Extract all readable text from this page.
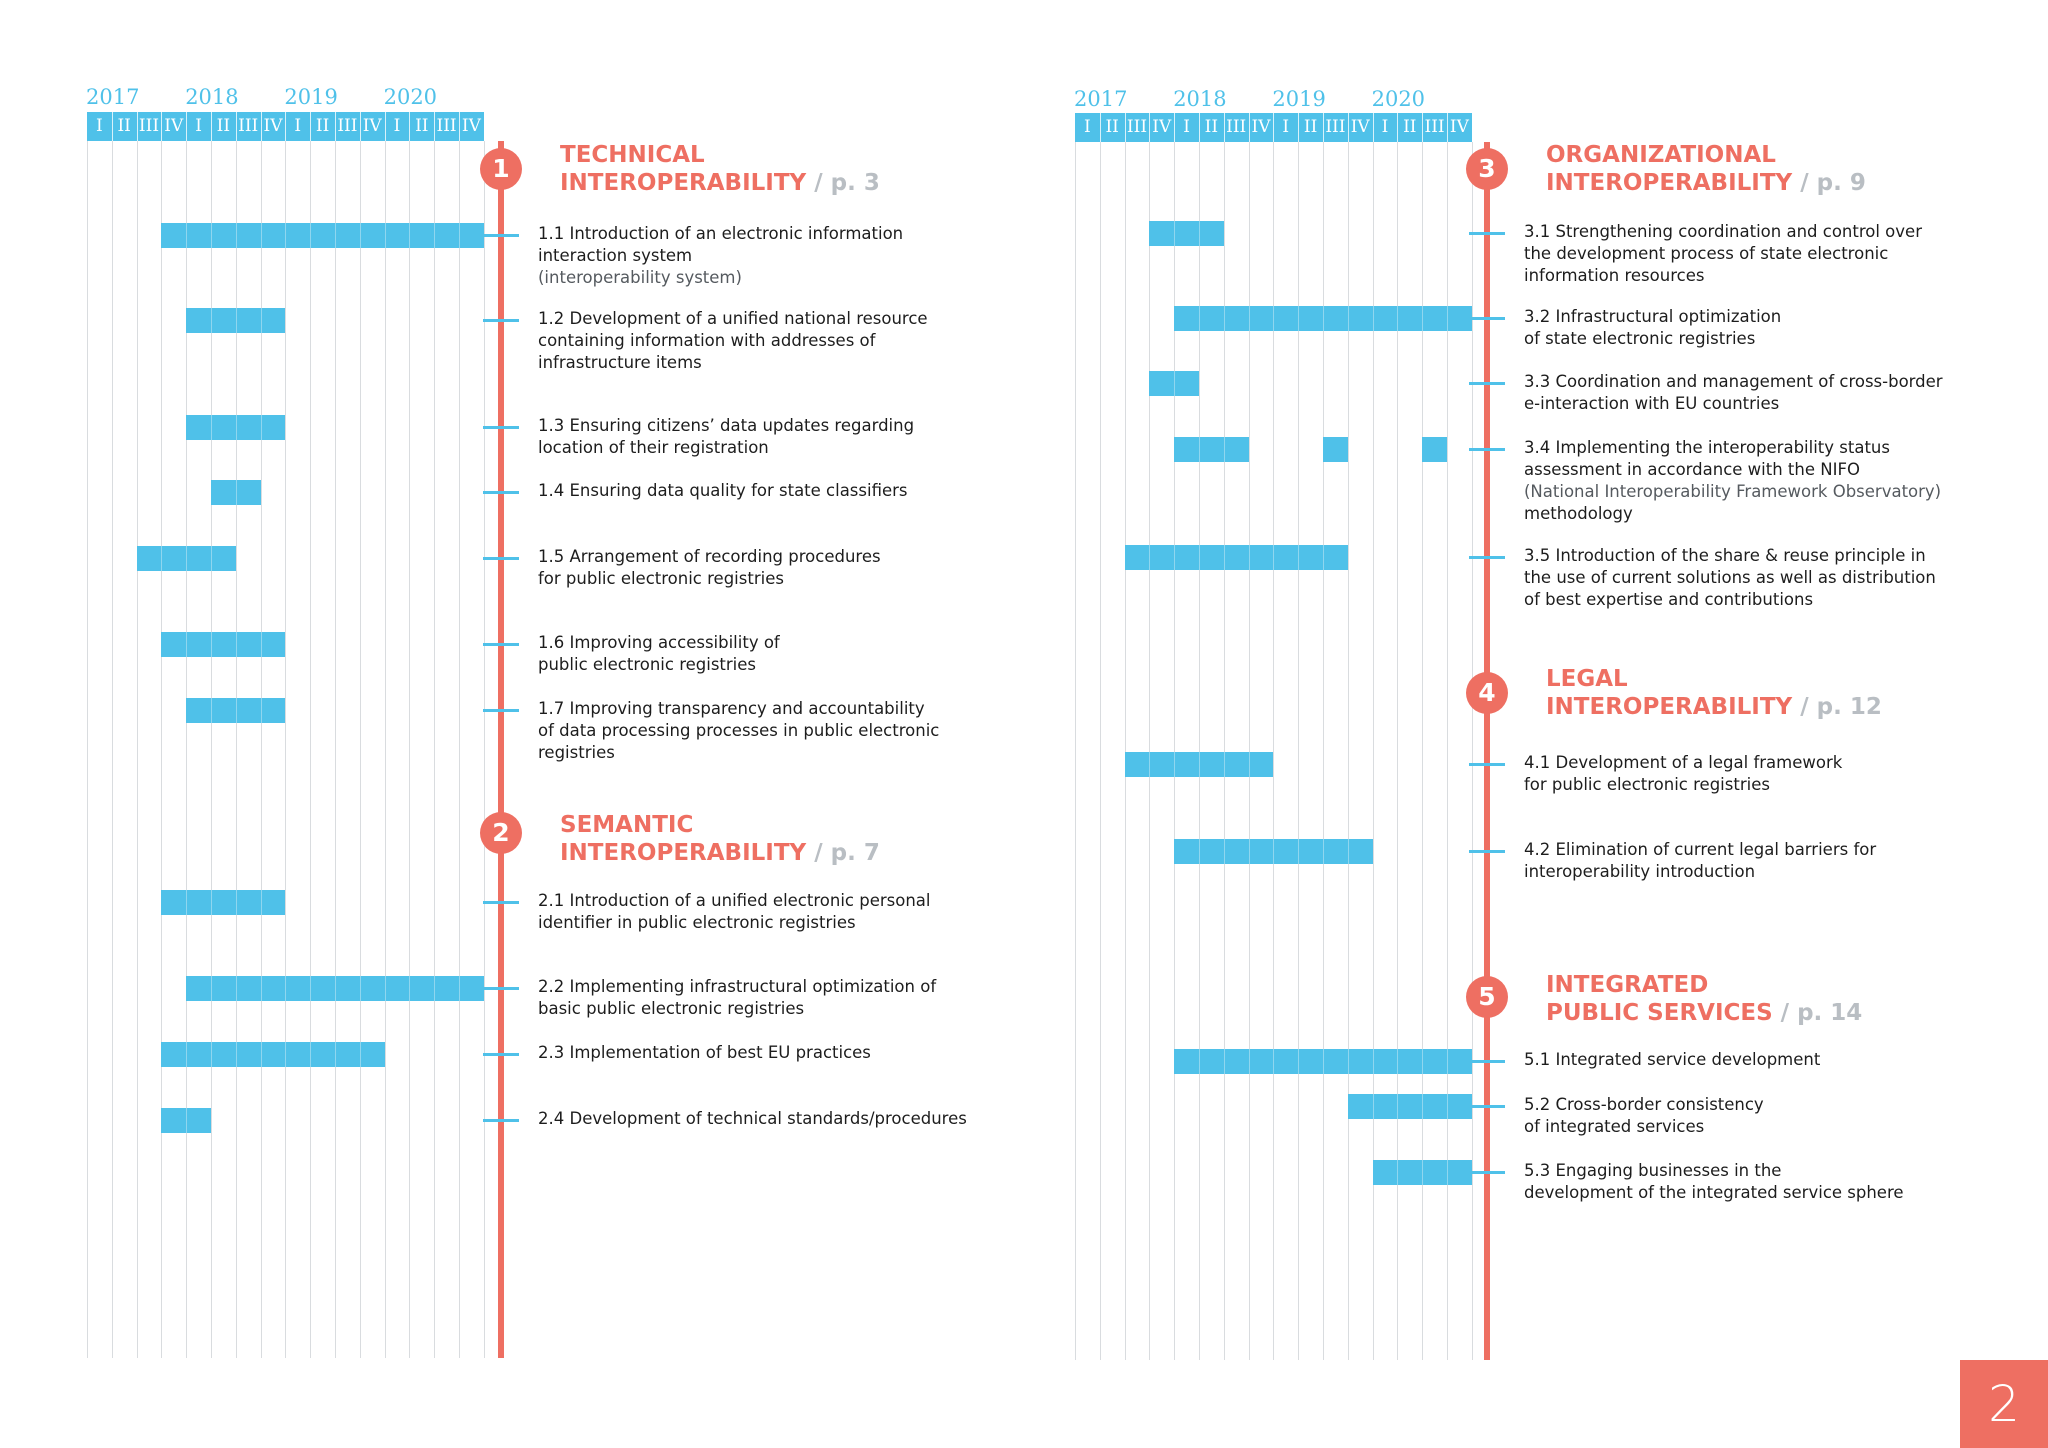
2017 2018 2019 2020
I II III IV I II III IV I II III IV I II III IV
1	TECHNICAL
INTEROPERABILITY / p. 3
1.1 Introduction of an electronic information
interaction system
(interoperability system)
1.2 Development of a unified national resource
containing information with addresses of
infrastructure items
1.3 Ensuring citizens’ data updates regarding
location of their registration
1.4 Ensuring data quality for state classifiers
1.5 Arrangement of recording procedures
for public electronic registries
1.6 Improving accessibility of
public electronic registries
1.7 Improving transparency and accountability
of data processing processes in public electronic
registries
2	SEMANTIC
INTEROPERABILITY / p. 7
2.1 Introduction of a unified electronic personal
identifier in public electronic registries
2.2 Implementing infrastructural optimization of
basic public electronic registries
2.3 Implementation of best EU practices
2.4 Development of technical standards/procedures
2017 2018 2019 2020
I II III IV I II III IV I II III IV I II III IV
3	ORGANIZATIONAL
INTEROPERABILITY / p. 9
3.1 Strengthening coordination and control over
the development process of state electronic
information resources
3.2 Infrastructural optimization
of state electronic registries
3.3 Coordination and management of cross-border
e-interaction with EU countries
3.4 Implementing the interoperability status
assessment in accordance with the NIFO
(National Interoperability Framework Observatory)
methodology
3.5 Introduction of the share & reuse principle in
the use of current solutions as well as distribution
of best expertise and contributions
4	LEGAL
INTEROPERABILITY / p. 12
4.1 Development of a legal framework
for public electronic registries
4.2 Elimination of current legal barriers for
interoperability introduction
5	INTEGRATED
PUBLIC SERVICES / p. 14
5.1 Integrated service development
5.2 Cross-border consistency
of integrated services
5.3 Engaging businesses in the
development of the integrated service sphere
2
